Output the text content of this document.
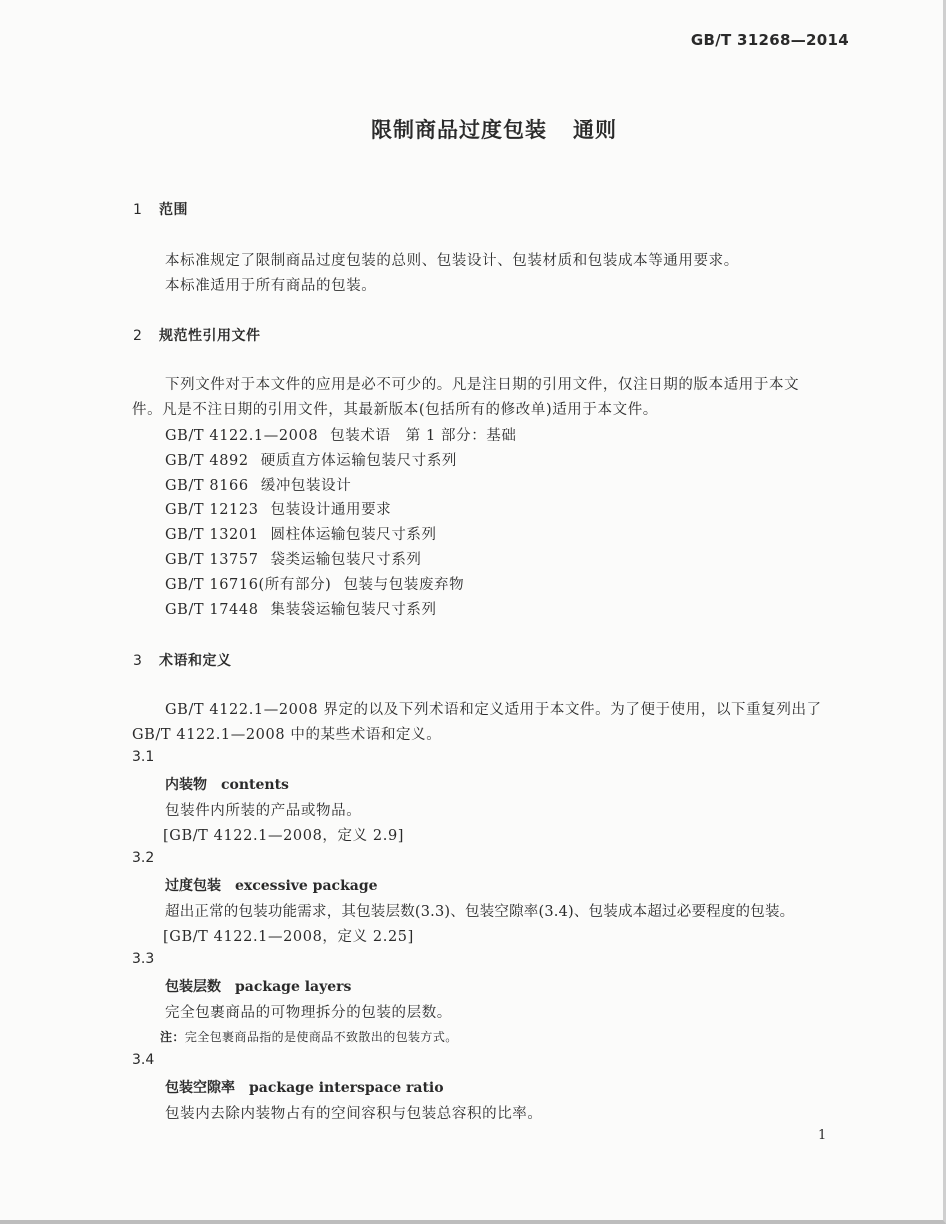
GB/T 31268—2014
限制商品过度包装 通则
1 范围
本标准规定了限制商品过度包装的总则、包装设计、包装材质和包装成本等通用要求。
本标准适用于所有商品的包装。
2 规范性引用文件
下列文件对于本文件的应用是必不可少的。凡是注日期的引用文件，仅注日期的版本适用于本文
件。凡是不注日期的引用文件，其最新版本(包括所有的修改单)适用于本文件。
GB/T 4122.1—2008 包装术语　第 1 部分：基础
GB/T 4892 硬质直方体运输包装尺寸系列
GB/T 8166 缓冲包装设计
GB/T 12123 包装设计通用要求
GB/T 13201 圆柱体运输包装尺寸系列
GB/T 13757 袋类运输包装尺寸系列
GB/T 16716(所有部分) 包装与包装废弃物
GB/T 17448 集装袋运输包装尺寸系列
3 术语和定义
GB/T 4122.1—2008 界定的以及下列术语和定义适用于本文件。为了便于使用，以下重复列出了
GB/T 4122.1—2008 中的某些术语和定义。
3.1
内装物 contents
包装件内所装的产品或物品。
[GB/T 4122.1—2008，定义 2.9]
3.2
过度包装 excessive package
超出正常的包装功能需求，其包装层数(3.3)、包装空隙率(3.4)、包装成本超过必要程度的包装。
[GB/T 4122.1—2008，定义 2.25]
3.3
包装层数 package layers
完全包裹商品的可物理拆分的包装的层数。
注：完全包裹商品指的是使商品不致散出的包装方式。
3.4
包装空隙率 package interspace ratio
包装内去除内装物占有的空间容积与包装总容积的比率。
1
